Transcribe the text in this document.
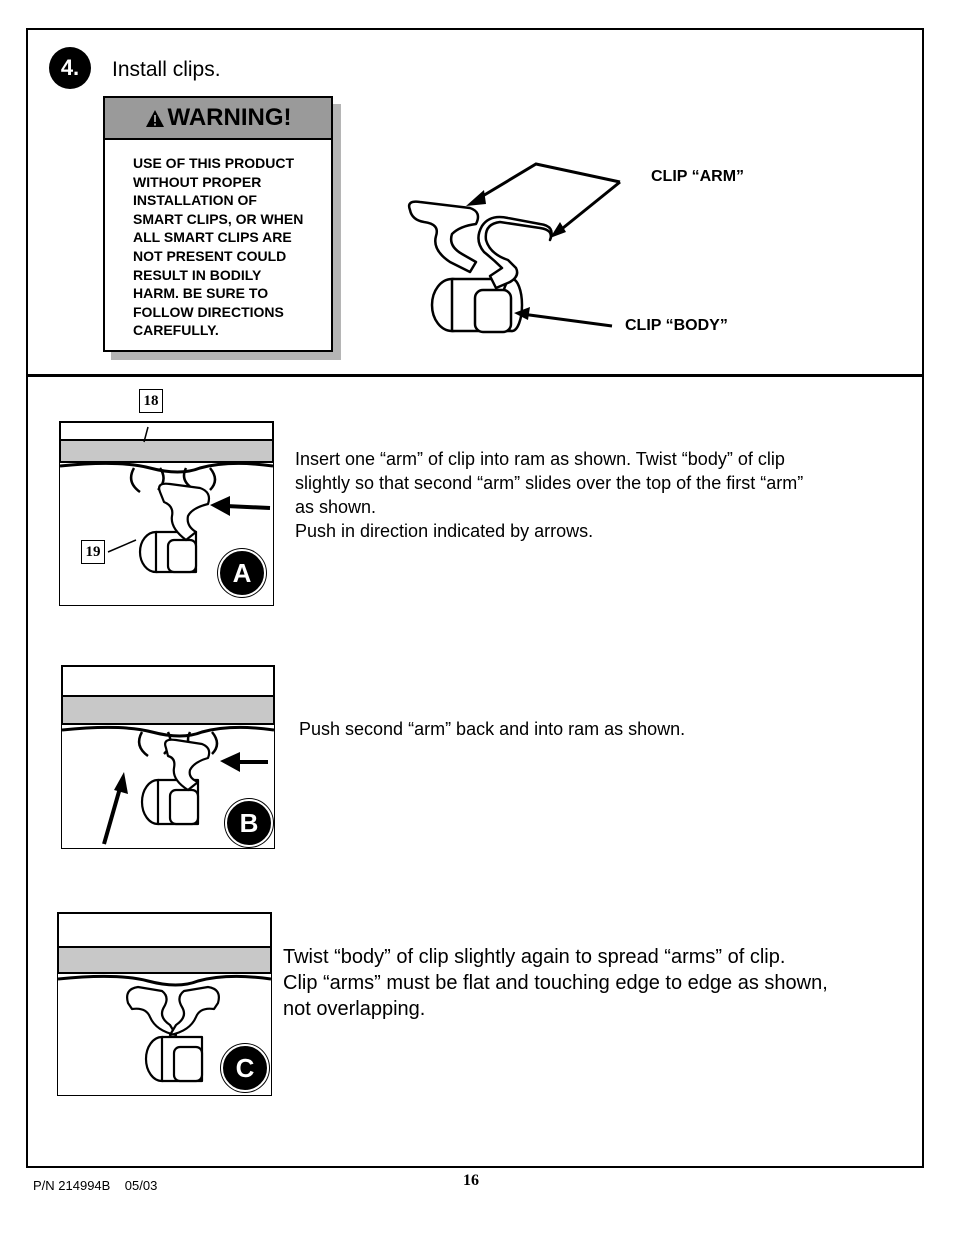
4.	Install clips.
WARNING!
USE OF THIS PRODUCT
WITHOUT PROPER
INSTALLATION OF
SMART CLIPS, OR WHEN
ALL SMART CLIPS ARE
NOT PRESENT COULD
RESULT IN BODILY
HARM. BE SURE TO
FOLLOW DIRECTIONS
CAREFULLY.
CLIP “ARM”
CLIP “BODY”
18
19
A
Insert one “arm” of clip into ram as shown. Twist “body” of clip
slightly so that second “arm” slides over the top of the first “arm”
as shown.
Push in direction indicated by arrows.
B
Push second “arm” back and into ram as shown.
C
Twist “body” of clip slightly again to spread “arms” of clip.
Clip “arms” must be flat and touching edge to edge as shown,
not overlapping.
P/N 214994B    05/03	16
